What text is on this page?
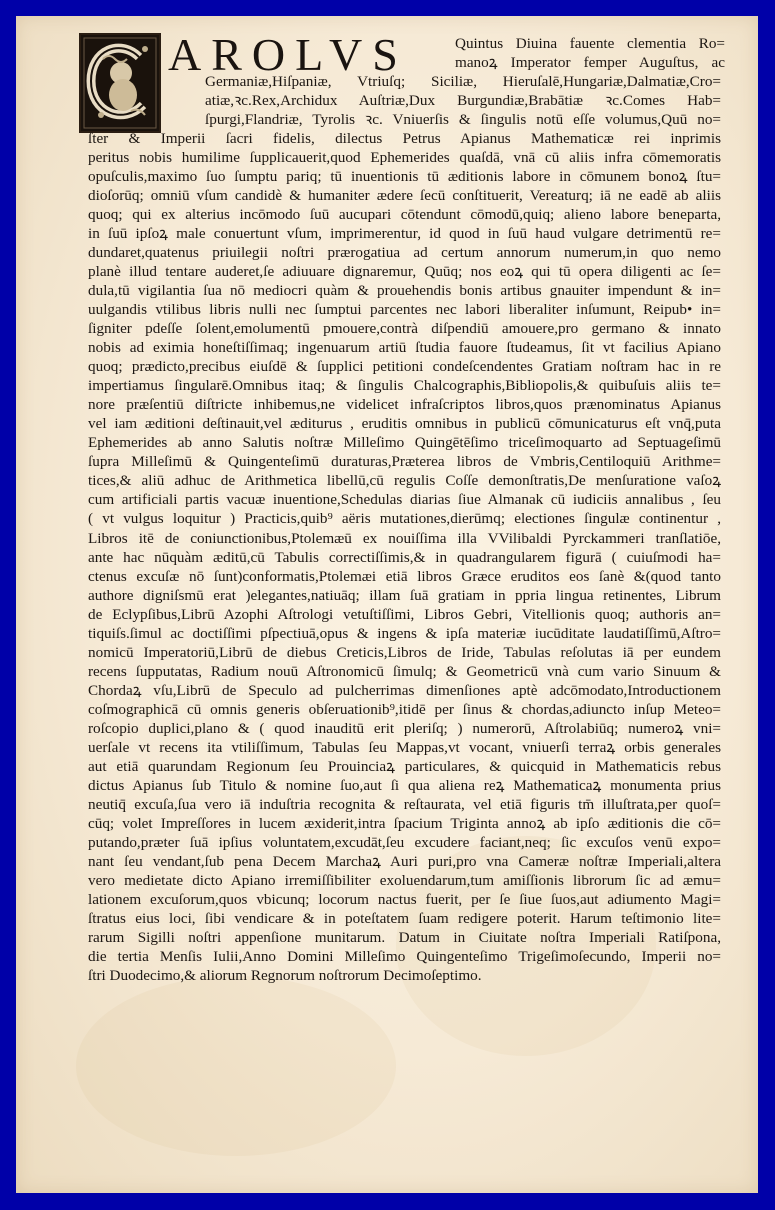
AROLVS	Quintus Diuina fauente clementia Ro=
manoꝝ Imperator femper Auguſtus, ac
Germaniæ,Hiſpaniæ, Vtriuſq; Siciliæ, Hieruſalē,Hungariæ,Dalmatiæ,Cro=
atiæ,ꝛc.Rex,Archidux Auſtriæ,Dux Burgundiæ,Brabātiæ ꝛc.Comes Hab=
ſpurgi,Flandriæ, Tyrolis ꝛc. Vniuerſis & ſingulis notū eſſe volumus,Quū no=
ſter & Imperii ſacri fidelis, dilectus Petrus Apianus Mathematicæ rei inprimis
peritus nobis humilime ſupplicauerit,quod Ephemerides quaſdā, vnā cū aliis infra cōmemoratis
opuſculis,maximo ſuo ſumptu pariq; tū inuentionis tū æditionis labore in cōmunem bonoꝝ ſtu=
dioſorūq; omniū vſum candidè & humaniter ædere ſecū conſtituerit, Vereaturq; iā ne eadē ab aliis
quoq; qui ex alterius incōmodo ſuū aucupari cōtendunt cōmodū,quiq; alieno labore beneparta,
in ſuū ipſoꝝ male conuertunt vſum, imprimerentur, id quod in ſuū haud vulgare detrimentū re=
dundaret,quatenus priuilegii noſtri prærogatiua ad certum annorum numerum,in quo nemo
planè illud tentare auderet,ſe adiuuare dignaremur, Quūq; nos eoꝝ qui tū opera diligenti ac ſe=
dula,tū vigilantia ſua nō mediocri quàm & prouehendis bonis artibus gnauiter impendunt & in=
uulgandis vtilibus libris nulli nec ſumptui parcentes nec labori liberaliter inſumunt, Reipub• in=
ſigniter pdeſſe ſolent,emolumentū pmouere,contrà diſpendiū amouere,pro germano & innato
nobis ad eximia honeſtiſſimaq; ingenuarum artiū ſtudia fauore ſtudeamus, ſit vt facilius Apiano
quoq; prædicto,precibus eiuſdē & ſupplici petitioni condeſcendentes Gratiam noſtram hac in re
impertiamus ſingularē.Omnibus itaq; & ſingulis Chalcographis,Bibliopolis,& quibuſuis aliis te=
nore præſentiū diſtricte inhibemus,ne videlicet infraſcriptos libros,quos prænominatus Apianus
vel iam æditioni deſtinauit,vel æditurus , eruditis omnibus in publicū cōmunicaturus eſt vnq̄,puta
Ephemerides ab anno Salutis noſtræ Milleſimo Quingētēſimo triceſimoquarto ad Septuageſimū
ſupra Milleſimū & Quingenteſimū duraturas,Præterea libros de Vmbris,Centiloquiū Arithme=
tices,& aliū adhuc de Arithmetica libellū,cū regulis Coſſe demonſtratis,De menſuratione vaſoꝝ
cum artificiali partis vacuæ inuentione,Schedulas diarias ſiue Almanak cū iudiciis annalibus , ſeu
( vt vulgus loquitur ) Practicis,quib⁹ aëris mutationes,dierūmq; electiones ſingulæ continentur ,
Libros itē de coniunctionibus,Ptolemæū ex nouiſſima illa VVilibaldi Pyrckammeri tranſlatiōe,
ante hac nūquàm æditū,cū Tabulis correctiſſimis,& in quadrangularem figurā ( cuiuſmodi ha=
ctenus excuſæ nō ſunt)conformatis,Ptolemæi etiā libros Græce eruditos eos ſanè &(quod tanto
authore digniſsmū erat )elegantes,natiuāq; illam ſuā gratiam in ppria lingua retinentes, Librum
de Eclypſibus,Librū Azophi Aſtrologi vetuſtiſſimi, Libros Gebri, Vitellionis quoq; authoris an=
tiquiſs.ſimul ac doctiſſimi pſpectiuā,opus & ingens & ipſa materiæ iucūditate laudatiſſimū,Aſtro=
nomicū Imperatoriū,Librū de diebus Creticis,Libros de Iride, Tabulas reſolutas iā per eundem
recens ſupputatas, Radium nouū Aſtronomicū ſimulq; & Geometricū vnà cum vario Sinuum &
Chordaꝝ vſu,Librū de Speculo ad pulcherrimas dimenſiones aptè adcōmodato,Introductionem
coſmographicā cū omnis generis obſeruationib⁹,itidē per ſinus & chordas,adiuncto inſup Meteo=
roſcopio duplici,plano & ( quod inauditū erit pleriſq; ) numerorū, Aſtrolabiūq; numeroꝝ vni=
uerſale vt recens ita vtiliſſimum, Tabulas ſeu Mappas,vt vocant, vniuerſi terraꝝ orbis generales
aut etiā quarundam Regionum ſeu Prouinciaꝝ particulares, & quicquid in Mathematicis rebus
dictus Apianus ſub Titulo & nomine ſuo,aut ſi qua aliena reꝝ Mathematicaꝝ monumenta prius
neutiq̄ excuſa,ſua vero iā induſtria recognita & reſtaurata, vel etiā figuris tm̄ illuſtrata,per quoſ=
cūq; volet Impreſſores in lucem æxiderit,intra ſpacium Triginta annoꝝ ab ipſo æditionis die cō=
putando,præter ſuā ipſius voluntatem,excudāt,ſeu excudere faciant,neq; ſic excuſos venū expo=
nant ſeu vendant,ſub pena Decem Marchaꝝ Auri puri,pro vna Cameræ noſtræ Imperiali,altera
vero medietate dicto Apiano irremiſſibiliter exoluendarum,tum amiſſionis librorum ſic ad æmu=
lationem excuſorum,quos vbicunq; locorum nactus fuerit, per ſe ſiue ſuos,aut adiumento Magi=
ſtratus eius loci, ſibi vendicare & in poteſtatem ſuam redigere poterit. Harum teſtimonio lite=
rarum Sigilli noſtri appenſione munitarum. Datum in Ciuitate noſtra Imperiali Ratiſpona,
die tertia Menſis Iulii,Anno Domini Milleſimo Quingenteſimo Trigeſimoſecundo, Imperii no=
ſtri Duodecimo,& aliorum Regnorum noſtrorum Decimoſeptimo.
